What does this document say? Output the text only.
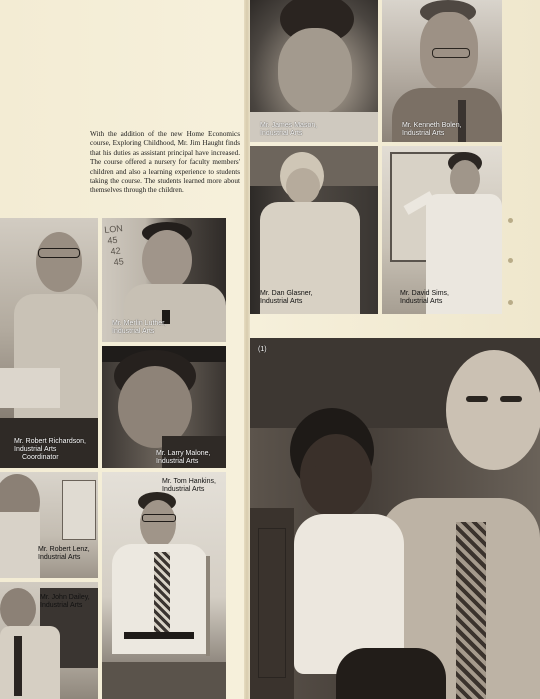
With the addition of the new Home Economics course, Exploring Childhood, Mr. Jim Haught finds that his duties as assistant principal have increased. The course offered a nursery for faculty members' children and also a learning experience to students taking the course. The students learned more about themselves through the children.

Mr. James Mason,
Industrial Arts
Mr. Kenneth Bolen,
Industrial Arts
Mr. Dan Glasner,
Industrial Arts
Mr. David Sims,
Industrial Arts
Mr. Robert Richardson,
Industrial Arts
Coordinator
LON
45
42
45
Mr. Merlin Luther,
Industrial Arts
Mr. Larry Malone,
Industrial Arts
Mr. Robert Lenz,
Industrial Arts
Mr. John Dailey,
Industrial Arts
Mr. Tom Hankins,
Industrial Arts
(1)
